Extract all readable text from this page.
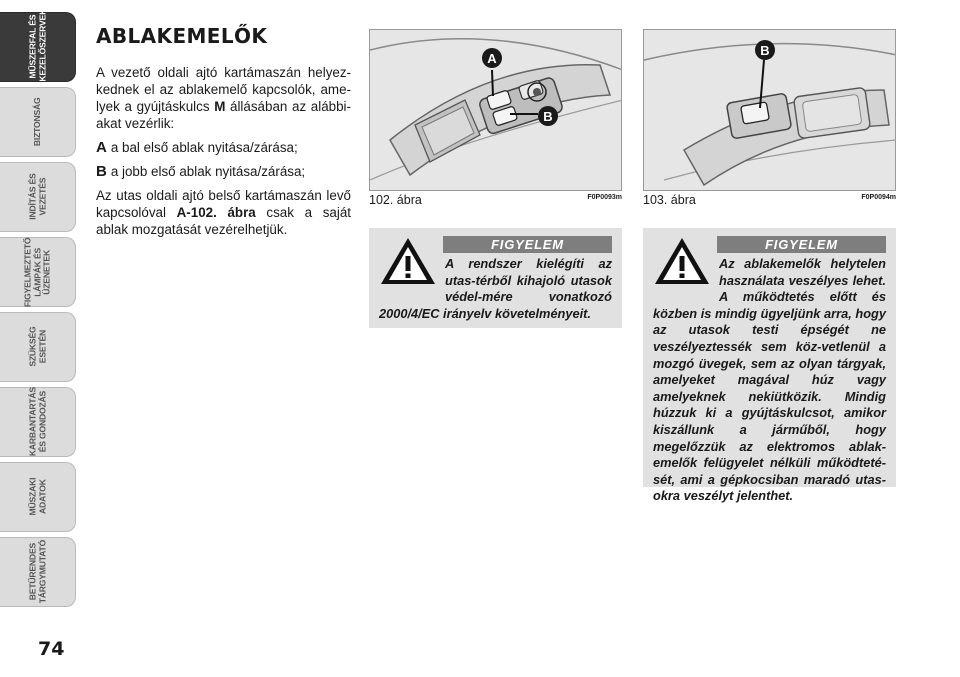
MŰSZERFAL ÉS
KEZELŐSZERVEK
BIZTONSÁG
INDÍTÁS ÉS
VEZETÉS
FIGYELMEZTETŐ
LÁMPÁK ÉS
ÜZENETEK
SZÜKSÉG
ESETÉN
KARBANTARTÁS
ÉS GONDOZÁS
MŰSZAKI
ADATOK
BETŰRENDES
TÁRGYMUTATÓ
74
ABLAKEMELŐK

A vezető oldali ajtó kartámaszán helyez-kednek el az ablakemelő kapcsolók, ame-lyek a gyújtáskulcs M állásában az alábbi-akat vezérlik:

A a bal első ablak nyitása/zárása;

B a jobb első ablak nyitása/zárása;

Az utas oldali ajtó belső kartámaszán levő kapcsolóval A-102. ábra csak a saját ablak mozgatását vezérelhetjük.

A
B
102. ábra	F0P0093m
B
103. ábra	F0P0094m
FIGYELEM
A rendszer kielégíti az utas-térből kihajoló utasok védel-mére vonatkozó 2000/4/EC irányelv követelményeit.
FIGYELEM
Az ablakemelők helytelen használata veszélyes lehet. A működtetés előtt és közben is mindig ügyeljünk arra, hogy az utasok testi épségét ne veszélyeztessék sem köz-vetlenül a mozgó üvegek, sem az olyan tárgyak, amelyeket magával húz vagy amelyeknek nekiütközik. Mindig húzzuk ki a gyújtáskulcsot, amikor kiszállunk a járműből, hogy megelőzzük az elektromos ablak-emelők felügyelet nélküli működteté-sét, ami a gépkocsiban maradó utas-okra veszélyt jelenthet.
